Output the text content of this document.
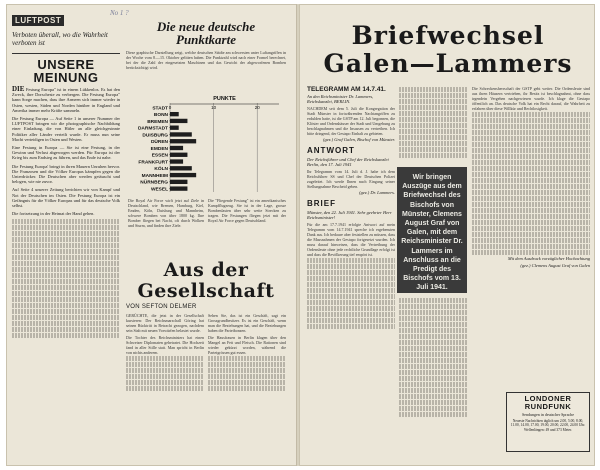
No 1 ?
LUFTPOST
Verboten überall, wo die Wahrheit verboten ist
UNSERE MEINUNG
DIE Festung Europa" ist in einem Lükkenlos. Es hat den Zweck, ihre Dorscheste zu verbergen. Die Festung Europa" kann Sorge machen, dass ihre Armeen sich immer wieder in Osten, westen, Süden und Norden hinüber in England und Amerika immer mehr Kräfte sammeln.
Die Festung Europa — Auf Seite 1 in unserer Nummer der LUFTPOST bringen wir die photographische Nachbildung einer Einladung, die von Hitler an alle gleichgesinnte Politiker aller Länder verteilt wurde. Er muss nun seine Macht verteidigen in Osten und Westen.
Eine Festung in Europa — Sie ist eine Festung, in der Gewinn und Verlust abgewogen werden. Für Europa ist der Krieg bis zum Endsieg zu führen, und das Ende ist nahe.
Die Festung Europa' bringt in ihren Mauern Unruhen hervor. Die Franzosen und die Völker Europas kämpfen gegen die Unterdrücker. Die Deutschen aber werden getäuscht und belogen, wie nie zuvor.
Auf Seite 4 unserer Zeitung berichten wir von Kampf und Not der Deutschen im Osten. Die Festung Europa ist ein Gefängnis für die Völker Europas und für das deutsche Volk selbst.
Die fortsetzung in der Heimat der Hand gehen.
Die neue deutsche Punktkarte
Diese graphische Darstellung zeigt, welche deutschen Städte am schwersten unter Luftangriffen in der Woche vom 8.—15. Oktober gelitten haben. Die Punktzahl wird nach einer Formel berechnet, bei der die Zahl der eingesetzten Maschinen und das Gewicht der abgeworfenen Bomben berücksichtigt wird.
PUNKTE
0	10	20
STADT
BONN
BREMEN
DARMSTADT
DUISBURG
DÜREN
EMDEN
ESSEN
FRANKFURT
KÖLN
MANNHEIM
NÜRNBERG
WESEL
Die Royal Air Force wirft jetzt auf Ziele in Deutschland, wie Bremen, Hamburg, Kiel, Emden, Köln, Duisburg und Mannheim, schwere Bomben von über 1800 kg. Ihre Bomber fliegen bei Nacht, oft durch Wolken und Sturm, und finden ihre Ziele.
Die "Fliegende Festung" ist ein amerikanisches Kampfflugzeug. Sie ist in der Lage, grosse Bombenlasten über sehr weite Strecken zu tragen. Die Festungen fliegen jetzt mit der Royal Air Force gegen Deutschland.
Aus der Gesellschaft
VON SEFTON DELMER
GERÜCHTE, die jetzt in der Gesellschaft kursieren: Der Reichsmarschall Göring hat seinen Rücktritt in Betracht gezogen, nachdem sein Stab mit neuen Vorwürfen belastet wurde.
Die Tochter des Reichsministers hat einen Schweizer Diplomaten geheiratet. Die Hochzeit fand in aller Stille statt. Man spricht in Berlin von nichts anderem.
Sehen Sie, das ist ein Geschäft, sagt ein Grossgrundbesitzer. Es ist ein Geschäft, wenn man die Beziehungen hat, und die Beziehungen haben die Parteibonzen.
Die Hausfrauen in Berlin klagen über den Mangel an Fett und Fleisch. Die Rationen sind wieder gekürzt worden, während die Parteigrössen gut essen.
Briefwechsel Galen—Lammers
TELEGRAMM AM 14.7.41.
An den Reichsminister Dr. Lammers, Reichskanzlei, BERLIN.
NACHDEM seit dem 5. Juli die Kongregation der Stadt Münster in fortwährenden Nachtangriffen zu erdulden hatte, ist die GSTP am 12. Juli begonnen, die Klöster und Ordenshäuser der Stadt und Umgebung zu beschlagnahmen und die Insassen zu vertreiben. Ich bitte dringend, der Gestapo Einhalt zu gebieten.
(gez.) Graf Galen, Bischof von Münster.
ANTWORT
Der Reichsführer und Chef der Reichskanzlei Berlin, den 17. Juli 1941
Ihr Telegramm vom 14. Juli d. J. habe ich dem Reichsführer SS und Chef der Deutschen Polizei zugeleitet. Ich werde Ihnen nach Eingang seiner Stellungnahme Bescheid geben.
(gez.) Dr. Lammers.
BRIEF
Münster, den 22. Juli 1941. Sehr geehrter Herr Reichsminister!
Für die am 17.7.1941 erfolgte Antwort auf mein Telegramm vom 14.7.1941 spreche ich ergebensten Dank aus. Ich bedaure aber feststellen zu müssen, dass die Massnahmen der Gestapo fortgesetzt wurden. Ich muss darauf hinweisen, dass die Vertreibung der Ordensleute ohne jede rechtliche Grundlage erfolgt ist und dass die Bevölkerung tief empört ist.
Wir bringen Auszüge aus dem Briefwechsel des Bischofs von Münster, Clemens August Graf von Galen, mit dem Reichsminister Dr. Lammers im Anschluss an die Predigt des Bischofs vom 13. Juli 1941.
Die Schreckensherrschaft der GSTP geht weiter. Die Ordensleute sind aus ihren Häusern vertrieben, ihr Besitz ist beschlagnahmt, ohne dass irgendein Vergehen nachgewiesen wurde. Ich klage die Gestapo öffentlich an. Das deutsche Volk hat ein Recht darauf, die Wahrheit zu erfahren über diese Willkür und Rechtlosigkeit.
Mit dem Ausdruck vorzüglicher Hochachtung
(gez.) Clemens August Graf von Galen
LONDONER RUNDFUNK
Sendungen in deutscher Sprache
Neueste Nachrichten täglich um 2.00, 5.00, 8.00, 11.00, 14.00, 17.00, 19.00, 20.00, 22.00, 24.00 Uhr. Wellenlängen: 49 und 373 Meter.
